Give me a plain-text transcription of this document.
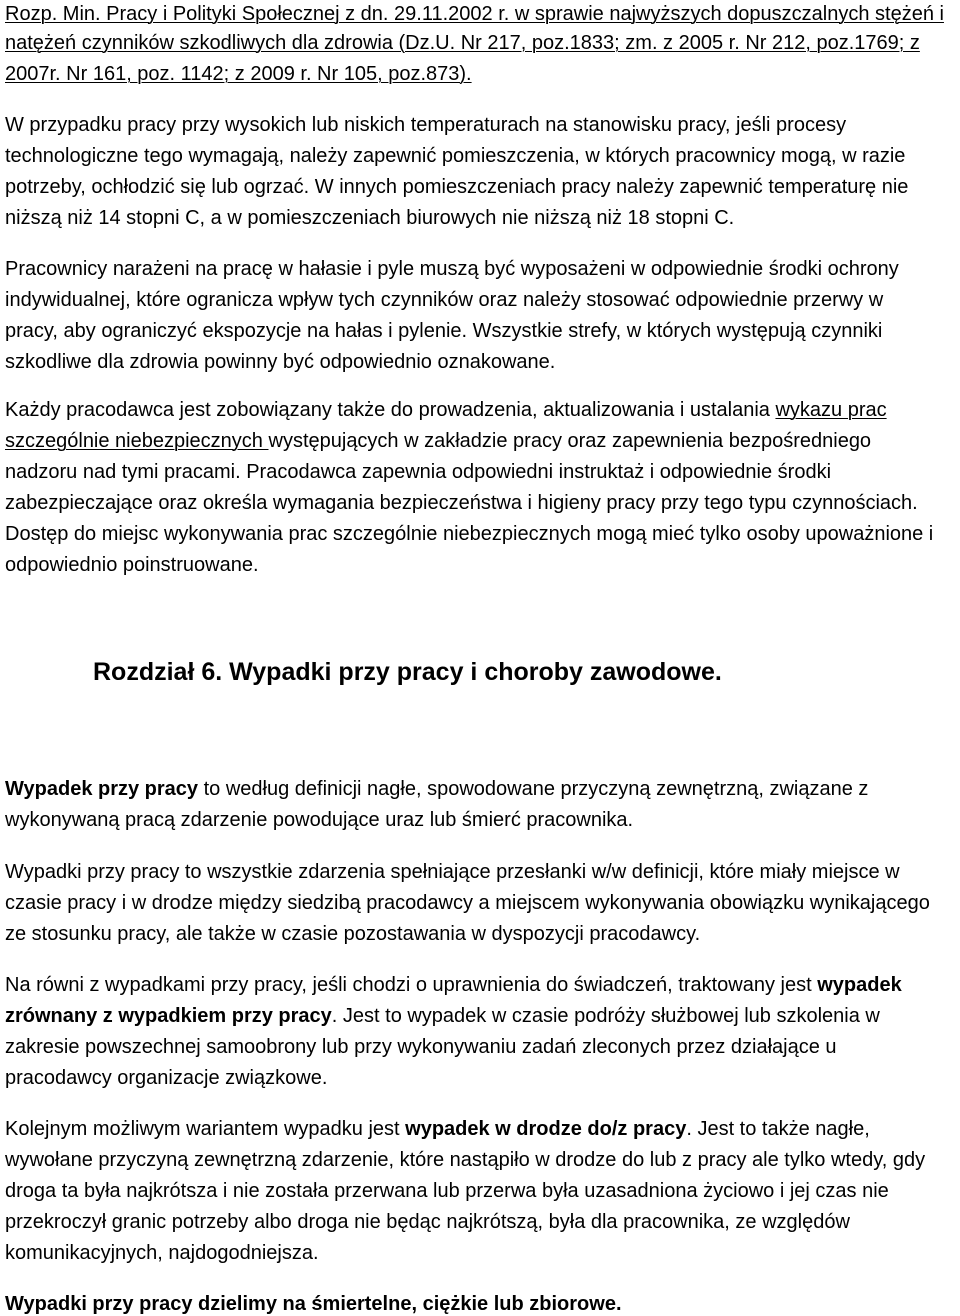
Rozp. Min. Pracy i Polityki Społecznej z dn. 29.11.2002 r. w sprawie najwyższych dopuszczalnych stężeń i
natężeń czynników szkodliwych dla zdrowia (Dz.U. Nr 217, poz.1833; zm. z 2005 r. Nr 212, poz.1769; z
2007r. Nr 161, poz. 1142; z 2009 r. Nr 105, poz.873).
W przypadku pracy przy wysokich lub niskich temperaturach na stanowisku pracy, jeśli procesy
technologiczne tego wymagają, należy zapewnić pomieszczenia, w których pracownicy mogą, w razie
potrzeby, ochłodzić się lub ogrzać. W innych pomieszczeniach pracy należy zapewnić temperaturę nie
niższą niż 14 stopni C, a w pomieszczeniach biurowych nie niższą niż 18 stopni C.
Pracownicy narażeni na pracę w hałasie i pyle muszą być wyposażeni w odpowiednie środki ochrony
indywidualnej, które ogranicza wpływ tych czynników oraz należy stosować odpowiednie przerwy w
pracy, aby ograniczyć ekspozycje na hałas i pylenie. Wszystkie strefy, w których występują czynniki
szkodliwe dla zdrowia powinny być odpowiednio oznakowane.
Każdy pracodawca jest zobowiązany także do prowadzenia, aktualizowania i ustalania wykazu prac
szczególnie niebezpiecznych występujących w zakładzie pracy oraz zapewnienia bezpośredniego
nadzoru nad tymi pracami. Pracodawca zapewnia odpowiedni instruktaż i odpowiednie środki
zabezpieczające oraz określa wymagania bezpieczeństwa i higieny pracy przy tego typu czynnościach.
Dostęp do miejsc wykonywania prac szczególnie niebezpiecznych mogą mieć tylko osoby upoważnione i
odpowiednio poinstruowane.
Rozdział 6. Wypadki przy pracy i choroby zawodowe.
Wypadek przy pracy to według definicji nagłe, spowodowane przyczyną zewnętrzną, związane z
wykonywaną pracą zdarzenie powodujące uraz lub śmierć pracownika.
Wypadki przy pracy to wszystkie zdarzenia spełniające przesłanki w/w definicji, które miały miejsce w
czasie pracy i w drodze między siedzibą pracodawcy a miejscem wykonywania obowiązku wynikającego
ze stosunku pracy, ale także w czasie pozostawania w dyspozycji pracodawcy.
Na równi z wypadkami przy pracy, jeśli chodzi o uprawnienia do świadczeń, traktowany jest wypadek
zrównany z wypadkiem przy pracy. Jest to wypadek w czasie podróży służbowej lub szkolenia w
zakresie powszechnej samoobrony lub przy wykonywaniu zadań zleconych przez działające u
pracodawcy organizacje związkowe.
Kolejnym możliwym wariantem wypadku jest wypadek w drodze do/z pracy. Jest to także nagłe,
wywołane przyczyną zewnętrzną zdarzenie, które nastąpiło w drodze do lub z pracy ale tylko wtedy, gdy
droga ta była najkrótsza i nie została przerwana lub przerwa była uzasadniona życiowo i jej czas nie
przekroczył granic potrzeby albo droga nie będąc najkrótszą, była dla pracownika, ze względów
komunikacyjnych, najdogodniejsza.
Wypadki przy pracy dzielimy na śmiertelne, ciężkie lub zbiorowe.
